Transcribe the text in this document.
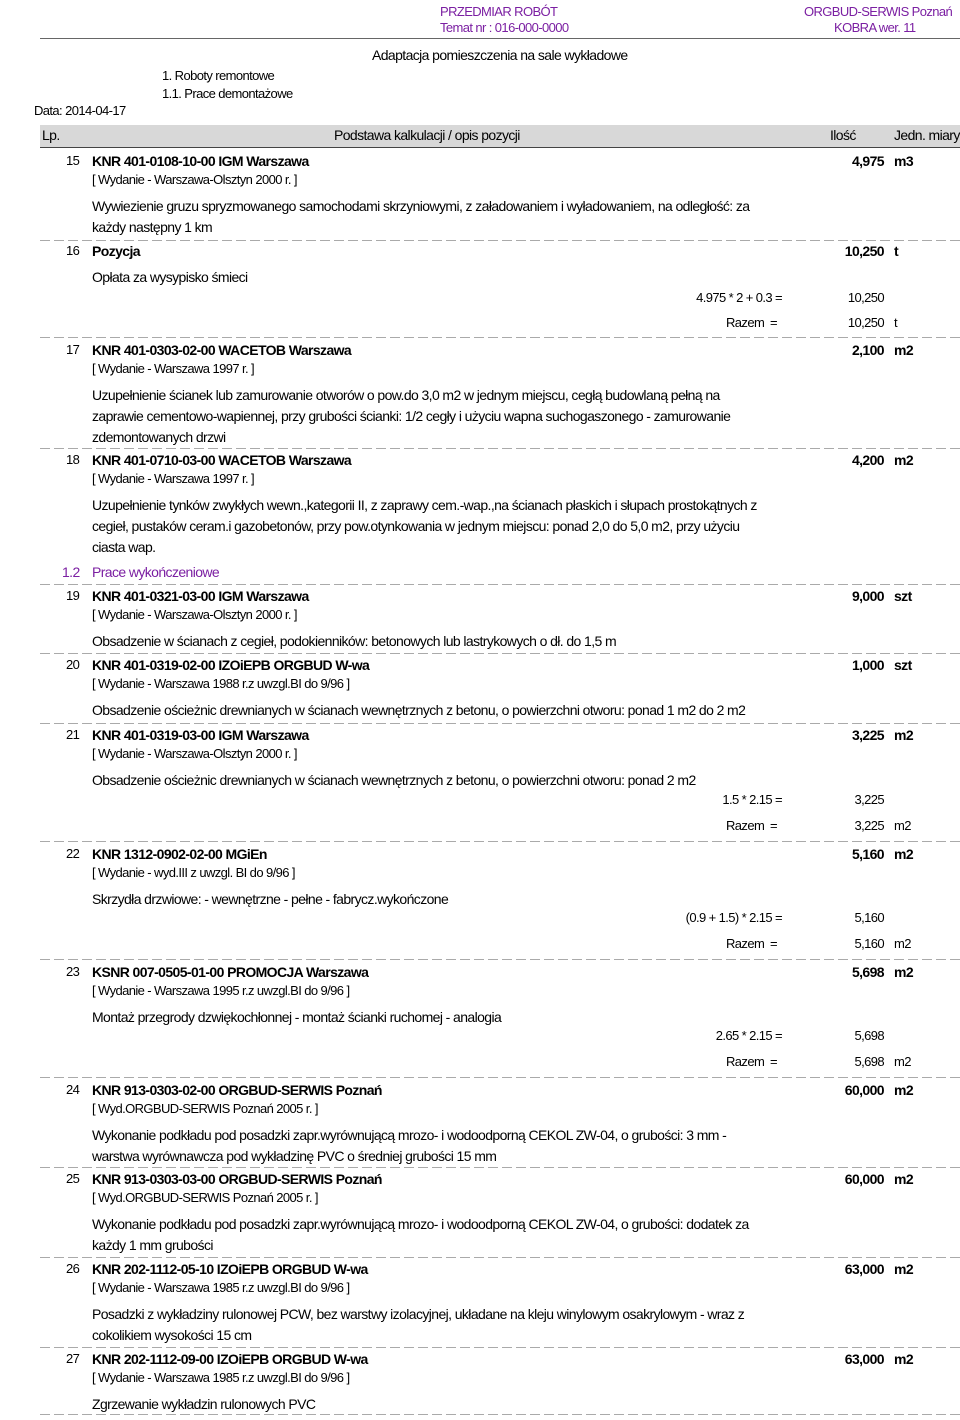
PRZEDMIAR ROBÓT
Temat nr : 016-000-0000
ORGBUD-SERWIS Poznań
KOBRA wer. 11
Adaptacja pomieszczenia na sale wykładowe
1. Roboty remontowe
1.1. Prace demontażowe
Data: 2014-04-17
Lp.	Podstawa kalkulacji / opis pozycji	Ilość	Jedn. miary
15 KNR 401-0108-10-00 IGM Warszawa	4,975 m3
[ Wydanie - Warszawa-Olsztyn 2000 r. ]
Wywiezienie gruzu spryzmowanego samochodami skrzyniowymi, z załadowaniem i wyładowaniem, na odległość: za każdy następny 1 km
16 Pozycja	10,250 t
Opłata za wysypisko śmieci
4.975 * 2 + 0.3 =	10,250
Razem =	10,250 t
17 KNR 401-0303-02-00 WACETOB Warszawa	2,100 m2
[ Wydanie - Warszawa 1997 r. ]
Uzupełnienie ścianek lub zamurowanie otworów o pow.do 3,0 m2 w jednym miejscu, cegłą budowlaną pełną na zaprawie cementowo-wapiennej, przy grubości ścianki: 1/2 cegły i użyciu wapna suchogaszonego - zamurowanie zdemontowanych drzwi
18 KNR 401-0710-03-00 WACETOB Warszawa	4,200 m2
[ Wydanie - Warszawa 1997 r. ]
Uzupełnienie tynków zwykłych wewn.,kategorii II, z zaprawy cem.-wap.,na ścianach płaskich i słupach prostokątnych z cegieł, pustaków ceram.i gazobetonów, przy pow.otynkowania w jednym miejscu: ponad 2,0 do 5,0 m2, przy użyciu ciasta wap.
1.2 Prace wykończeniowe
19 KNR 401-0321-03-00 IGM Warszawa	9,000 szt
[ Wydanie - Warszawa-Olsztyn 2000 r. ]
Obsadzenie w ścianach z cegieł, podokienników: betonowych lub lastrykowych o dł. do 1,5 m
20 KNR 401-0319-02-00 IZOiEPB ORGBUD W-wa	1,000 szt
[ Wydanie - Warszawa 1988 r.z uwzgl.BI do 9/96 ]
Obsadzenie ościeżnic drewnianych w ścianach wewnętrznych z betonu, o powierzchni otworu: ponad 1 m2 do 2 m2
21 KNR 401-0319-03-00 IGM Warszawa	3,225 m2
[ Wydanie - Warszawa-Olsztyn 2000 r. ]
Obsadzenie ościeżnic drewnianych w ścianach wewnętrznych z betonu, o powierzchni otworu: ponad 2 m2
1.5 * 2.15 =	3,225
Razem =	3,225 m2
22 KNR 1312-0902-02-00 MGiEn	5,160 m2
[ Wydanie - wyd.III z uwzgl. BI do 9/96 ]
Skrzydła drzwiowe: - wewnętrzne - pełne - fabrycz.wykończone
(0.9 + 1.5) * 2.15 =	5,160
Razem =	5,160 m2
23 KSNR 007-0505-01-00 PROMOCJA Warszawa	5,698 m2
[ Wydanie - Warszawa 1995 r.z uwzgl.BI do 9/96 ]
Montaż przegrody dzwiękochłonnej - montaż ścianki ruchomej - analogia
2.65 * 2.15 =	5,698
Razem =	5,698 m2
24 KNR 913-0303-02-00 ORGBUD-SERWIS Poznań	60,000 m2
[ Wyd.ORGBUD-SERWIS Poznań 2005 r. ]
Wykonanie podkładu pod posadzki zapr.wyrównującą mrozo- i wodoodporną CEKOL ZW-04, o grubości: 3 mm - warstwa wyrównawcza pod wykładzinę PVC o średniej grubości 15 mm
25 KNR 913-0303-03-00 ORGBUD-SERWIS Poznań	60,000 m2
[ Wyd.ORGBUD-SERWIS Poznań 2005 r. ]
Wykonanie podkładu pod posadzki zapr.wyrównującą mrozo- i wodoodporną CEKOL ZW-04, o grubości: dodatek za każdy 1 mm grubości
26 KNR 202-1112-05-10 IZOiEPB ORGBUD W-wa	63,000 m2
[ Wydanie - Warszawa 1985 r.z uwzgl.BI do 9/96 ]
Posadzki z wykładziny rulonowej PCW, bez warstwy izolacyjnej, układane na kleju winylowym osakrylowym - wraz z cokolikiem wysokości 15 cm
27 KNR 202-1112-09-00 IZOiEPB ORGBUD W-wa	63,000 m2
[ Wydanie - Warszawa 1985 r.z uwzgl.BI do 9/96 ]
Zgrzewanie wykładzin rulonowych PVC
